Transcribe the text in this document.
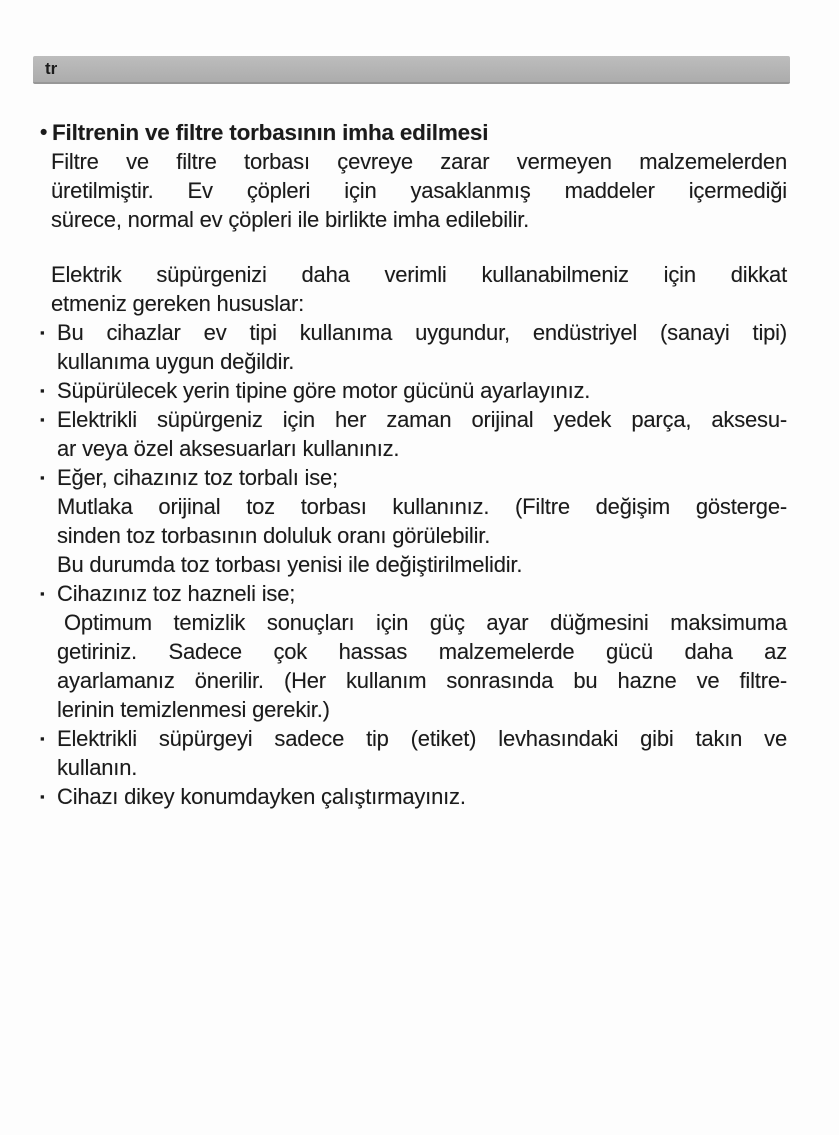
tr
• Filtrenin ve filtre torbasının imha edilmesi
Filtre ve filtre torbası çevreye zarar vermeyen malzemelerden
üretilmiştir. Ev çöpleri için yasaklanmış maddeler içermediği
sürece, normal ev çöpleri ile birlikte imha edilebilir.
Elektrik süpürgenizi daha verimli kullanabilmeniz için dikkat
etmeniz gereken hususlar:
▪ Bu cihazlar ev tipi kullanıma uygundur, endüstriyel (sanayi tipi)
kullanıma uygun değildir.
▪ Süpürülecek yerin tipine göre motor gücünü ayarlayınız.
▪ Elektrikli süpürgeniz için her zaman orijinal yedek parça, aksesu-
ar veya özel aksesuarları kullanınız.
▪ Eğer, cihazınız toz torbalı ise;
Mutlaka orijinal toz torbası kullanınız. (Filtre değişim gösterge-
sinden toz torbasının doluluk oranı görülebilir.
Bu durumda toz torbası yenisi ile değiştirilmelidir.
▪ Cihazınız toz hazneli ise;
Optimum temizlik sonuçları için güç ayar düğmesini maksimuma
getiriniz. Sadece çok hassas malzemelerde gücü daha az
ayarlamanız önerilir. (Her kullanım sonrasında bu hazne ve filtre-
lerinin temizlenmesi gerekir.)
▪ Elektrikli süpürgeyi sadece tip (etiket) levhasındaki gibi takın ve
kullanın.
▪ Cihazı dikey konumdayken çalıştırmayınız.
